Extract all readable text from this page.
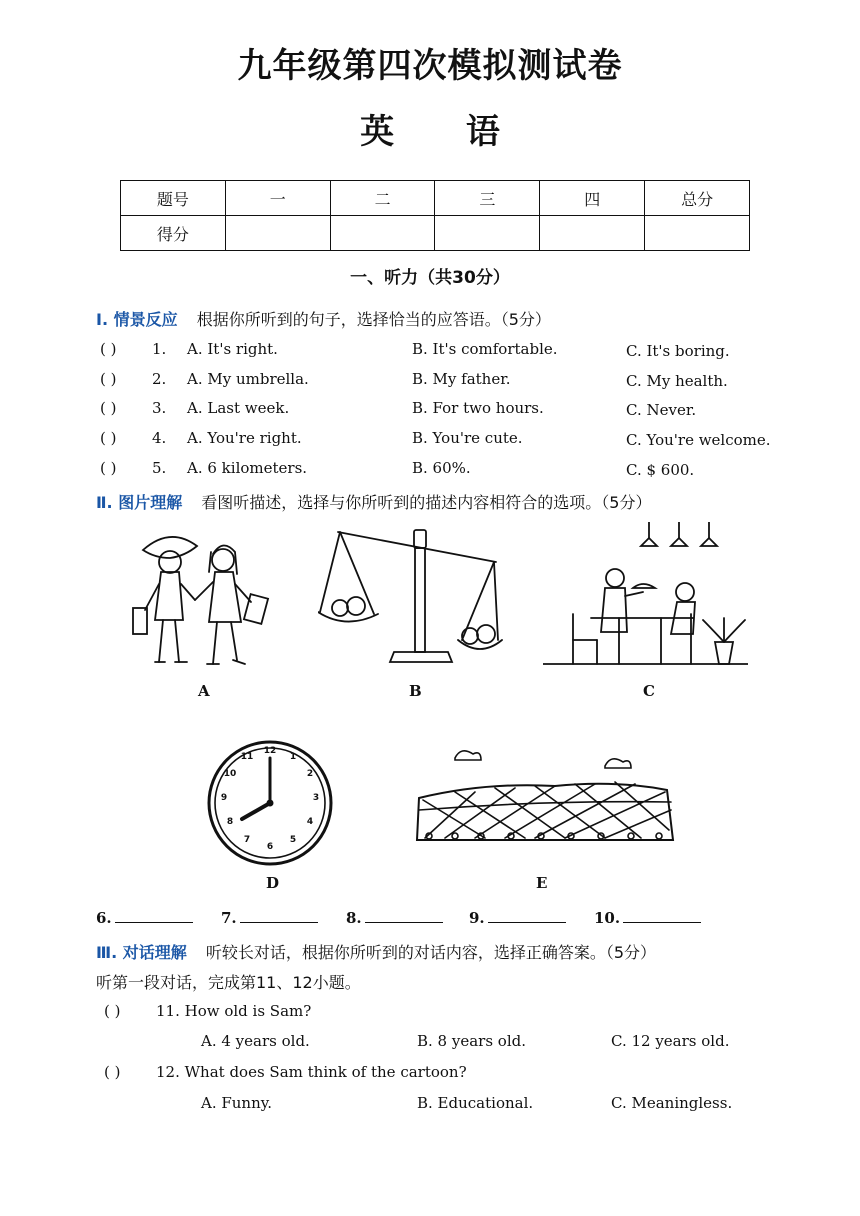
九年级第四次模拟测试卷
英 语
题号	一	二	三	四	总分
得分					
一、听力（共30分）
Ⅰ. 情景反应 根据你所听到的句子，选择恰当的应答语。（5分）
( ) 1. A. It's right.	B. It's comfortable.	C. It's boring.
( ) 2. A. My umbrella.	B. My father.	C. My health.
( ) 3. A. Last week.	B. For two hours.	C. Never.
( ) 4. A. You're right.	B. You're cute.	C. You're welcome.
( ) 5. A. 6 kilometers.	B. 60%.	C. $ 600.
Ⅱ. 图片理解 看图听描述，选择与你所听到的描述内容相符合的选项。（5分）
A	B	C
12
1
2
3
4
5
6
7
8
9
10
11
D	E
6.	7.	8.	9.	10.
Ⅲ. 对话理解 听较长对话，根据你所听到的对话内容，选择正确答案。（5分）
听第一段对话，完成第11、12小题。
( ) 11. How old is Sam?
A. 4 years old.	B. 8 years old.	C. 12 years old.
( ) 12. What does Sam think of the cartoon?
A. Funny.	B. Educational.	C. Meaningless.
